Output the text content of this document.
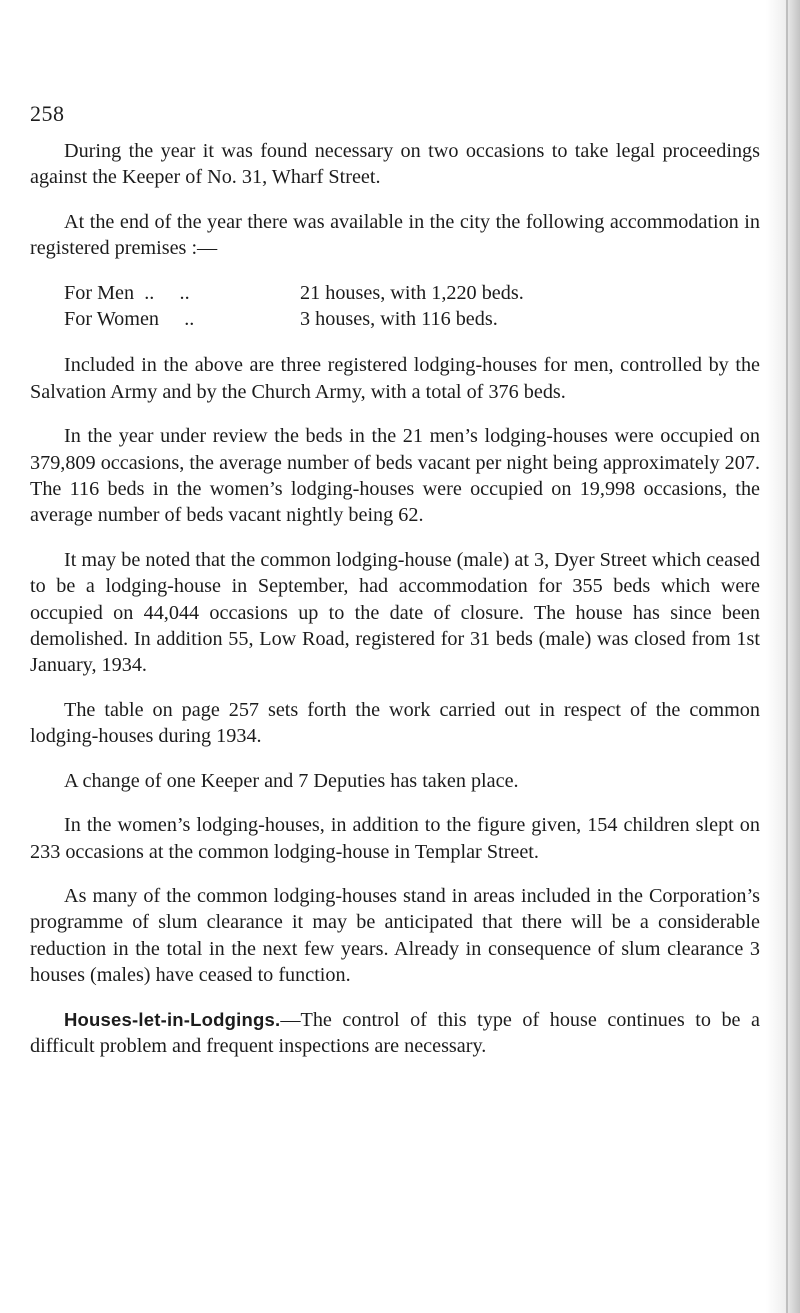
258

During the year it was found necessary on two occasions to take legal proceedings against the Keeper of No. 31, Wharf Street.

At the end of the year there was available in the city the following accommodation in registered premises :—

For Men  ..     ..	21 houses, with 1,220 beds.
For Women     ..	3 houses, with 116 beds.

Included in the above are three registered lodging-houses for men, controlled by the Salvation Army and by the Church Army, with a total of 376 beds.

In the year under review the beds in the 21 men’s lodging-houses were occupied on 379,809 occasions, the average number of beds vacant per night being approximately 207. The 116 beds in the women’s lodging-houses were occupied on 19,998 occasions, the average number of beds vacant nightly being 62.

It may be noted that the common lodging-house (male) at 3, Dyer Street which ceased to be a lodging-house in September, had accommodation for 355 beds which were occupied on 44,044 occasions up to the date of closure. The house has since been demolished. In addition 55, Low Road, registered for 31 beds (male) was closed from 1st January, 1934.

The table on page 257 sets forth the work carried out in respect of the common lodging-houses during 1934.

A change of one Keeper and 7 Deputies has taken place.

In the women’s lodging-houses, in addition to the figure given, 154 children slept on 233 occasions at the common lodging-house in Templar Street.

As many of the common lodging-houses stand in areas included in the Corporation’s programme of slum clearance it may be anticipated that there will be a considerable reduction in the total in the next few years. Already in consequence of slum clearance 3 houses (males) have ceased to function.

Houses-let-in-Lodgings.—The control of this type of house continues to be a difficult problem and frequent inspections are necessary.
